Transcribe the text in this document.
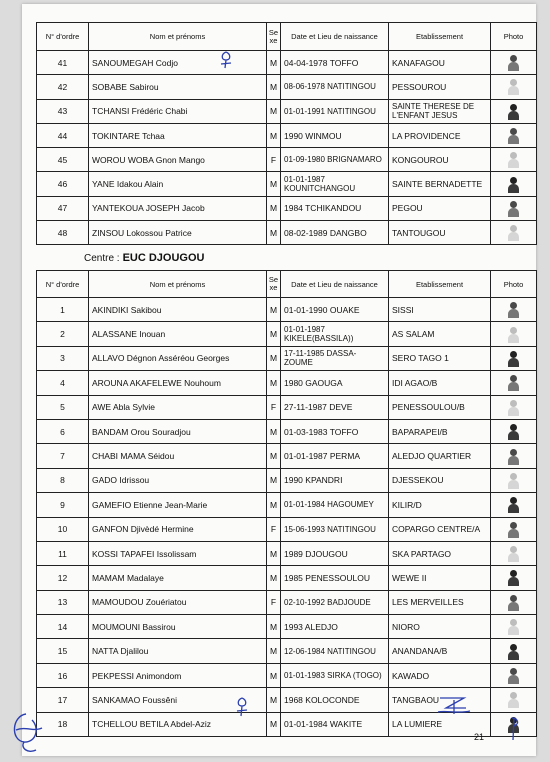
N° d'ordre	Nom et prénoms	Se xe	Date et Lieu de naissance	Etablissement	Photo
41	SANOUMEGAH Codjo	M	04-04-1978 TOFFO	KANAFAGOU	

42	SOBABE Sabirou	M	08-06-1978 NATITINGOU	PESSOUROU	

43	TCHANSI Frédéric Chabi	M	01-01-1991 NATITINGOU	SAINTE THERESE DE L'ENFANT JESUS	

44	TOKINTARE Tchaa	M	1990 WINMOU	LA PROVIDENCE	

45	WOROU WOBA Gnon Mango	F	01-09-1980 BRIGNAMARO	KONGOUROU	

46	YANE Idakou Alain	M	01-01-1987 KOUNITCHANGOU	SAINTE BERNADETTE	

47	YANTEKOUA JOSEPH Jacob	M	1984 TCHIKANDOU	PEGOU	

48	ZINSOU Lokossou Patrice	M	08-02-1989 DANGBO	TANTOUGOU	
Centre : EUC DJOUGOU
N° d'ordre	Nom et prénoms	Se xe	Date et Lieu de naissance	Etablissement	Photo
1	AKINDIKI Sakibou	M	01-01-1990 OUAKE	SISSI	

2	ALASSANE Inouan	M	01-01-1987 KIKELE(BASSILA))	AS SALAM	

3	ALLAVO Dégnon Asséréou Georges	M	17-11-1985 DASSA-ZOUME	SERO TAGO 1	

4	AROUNA AKAFELEWE Nouhoum	M	1980 GAOUGA	IDI AGAO/B	

5	AWE Abla Sylvie	F	27-11-1987 DEVE	PENESSOULOU/B	

6	BANDAM Orou Souradjou	M	01-03-1983 TOFFO	BAPARAPEI/B	

7	CHABI MAMA Séidou	M	01-01-1987 PERMA	ALEDJO QUARTIER	

8	GADO Idrissou	M	1990 KPANDRI	DJESSEKOU	

9	GAMEFIO Etienne Jean-Marie	M	01-01-1984 HAGOUMEY	KILIR/D	

10	GANFON Djivèdé Hermine	F	15-06-1993 NATITINGOU	COPARGO CENTRE/A	

11	KOSSI TAPAFEI Issolissam	M	1989 DJOUGOU	SKA PARTAGO	

12	MAMAM Madalaye	M	1985 PENESSOULOU	WEWE II	

13	MAMOUDOU Zouériatou	F	02-10-1992 BADJOUDE	LES MERVEILLES	

14	MOUMOUNI Bassirou	M	1993 ALEDJO	NIORO	

15	NATTA Djalilou	M	12-06-1984 NATITINGOU	ANANDANA/B	

16	PEKPESSI Animondom	M	01-01-1983 SIRKA (TOGO)	KAWADO	

17	SANKAMAO Foussêni	M	1968 KOLOCONDE	TANGBAOU	

18	TCHELLOU BETILA Abdel-Aziz	M	01-01-1984 WAKITE	LA LUMIERE	
21
